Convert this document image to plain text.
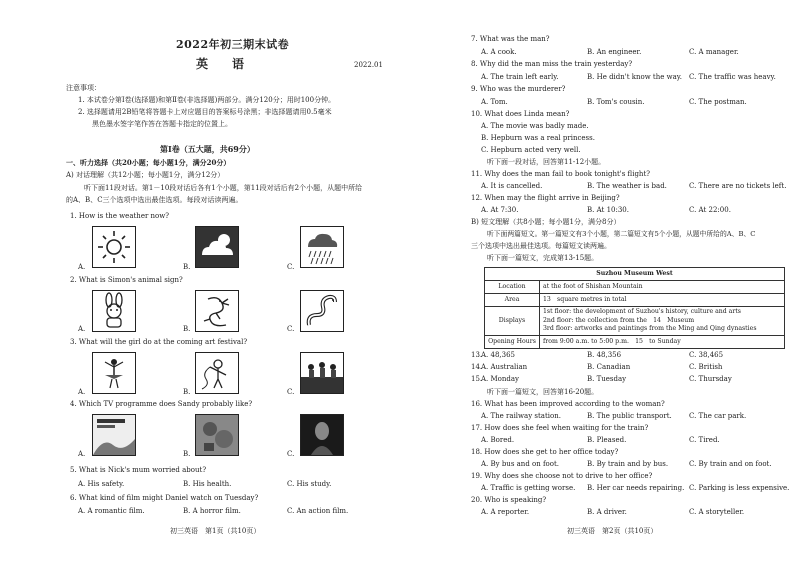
2022年初三期末试卷
英　语	2022.01
注意事项：
1. 本试卷分第Ⅰ卷(选择题)和第Ⅱ卷(非选择题)两部分。满分120分；用时100分钟。
2. 选择题请用2B铅笔将答题卡上对应题目的答案标号涂黑；非选择题请用0.5毫米
黑色墨水签字笔作答在答题卡指定的位置上。
第Ⅰ卷（五大题，共69分）
一、听力选择（共20小题；每小题1分，满分20分）
A) 对话理解（共12小题；每小题1分，满分12分）
听下面11段对话。第1－10段对话后各有1个小题，第11段对话后有2个小题，从题中所给
的A、B、C三个选项中选出最佳选项。每段对话读两遍。
1. How is the weather now?
A.	B.	C.
2. What is Simon's animal sign?
A.	B.	C.
3. What will the girl do at the coming art festival?
A.	B.	C.
4. Which TV programme does Sandy probably like?
A.	B.	C.
5. What is Nick's mum worried about?
A. His safety.	B. His health.	C. His study.
6. What kind of film might Daniel watch on Tuesday?
A. A romantic film.	B. A horror film.	C. An action film.
初三英语　第1页（共10页）
7. What was the man?
A. A cook.	B. An engineer.	C. A manager.
8. Why did the man miss the train yesterday?
A. The train left early.	B. He didn't know the way. C. The traffic was heavy.
9. Who was the murderer?
A. Tom.	B. Tom's cousin.	C. The postman.
10. What does Linda mean?
A. The movie was badly made.
B. Hepburn was a real princess.
C. Hepburn acted very well.
听下面一段对话，回答第11-12小题。
11. Why does the man fail to book tonight's flight?
A. It is cancelled.	B. The weather is bad.	C. There are no tickets left.
12. When may the flight arrive in Beijing?
A. At 7:30.	B. At 10:30.	C. At 22:00.
B) 短文理解（共8小题；每小题1分，满分8分）
听下面两篇短文。第一篇短文有3个小题，第二篇短文有5个小题，从题中所给的A、B、C
三个选项中选出最佳选项。每篇短文读两遍。
听下面一篇短文，完成第13-15题。
Suzhou Museum West	
Location	at the foot of Shishan Mountain
Area	13　square metres in total
Displays	1st floor: the development of Suzhou's history, culture and arts
2nd floor: the collection from the　14　Museum
3rd floor: artworks and paintings from the Ming and Qing dynasties

Opening Hours	from 9:00 a.m. to 5:00 p.m.　15　to Sunday
13.
A. 48,365	B. 48,356	C. 38,465
14.
A. Australian	B. Canadian	C. British
15.
A. Monday	B. Tuesday	C. Thursday
听下面一篇短文，回答第16-20题。
16. What has been improved according to the woman?
A. The railway station.	B. The public transport. C. The car park.
17. How does she feel when waiting for the train?
A. Bored.	B. Pleased.	C. Tired.
18. How does she get to her office today?
A. By bus and on foot.	B. By train and by bus.	C. By train and on foot.
19. Why does she choose not to drive to her office?
A. Traffic is getting worse. B. Her car needs repairing. C. Parking is less expensive.
20. Who is speaking?
A. A reporter.	B. A driver.	C. A storyteller.
初三英语　第2页（共10页）
